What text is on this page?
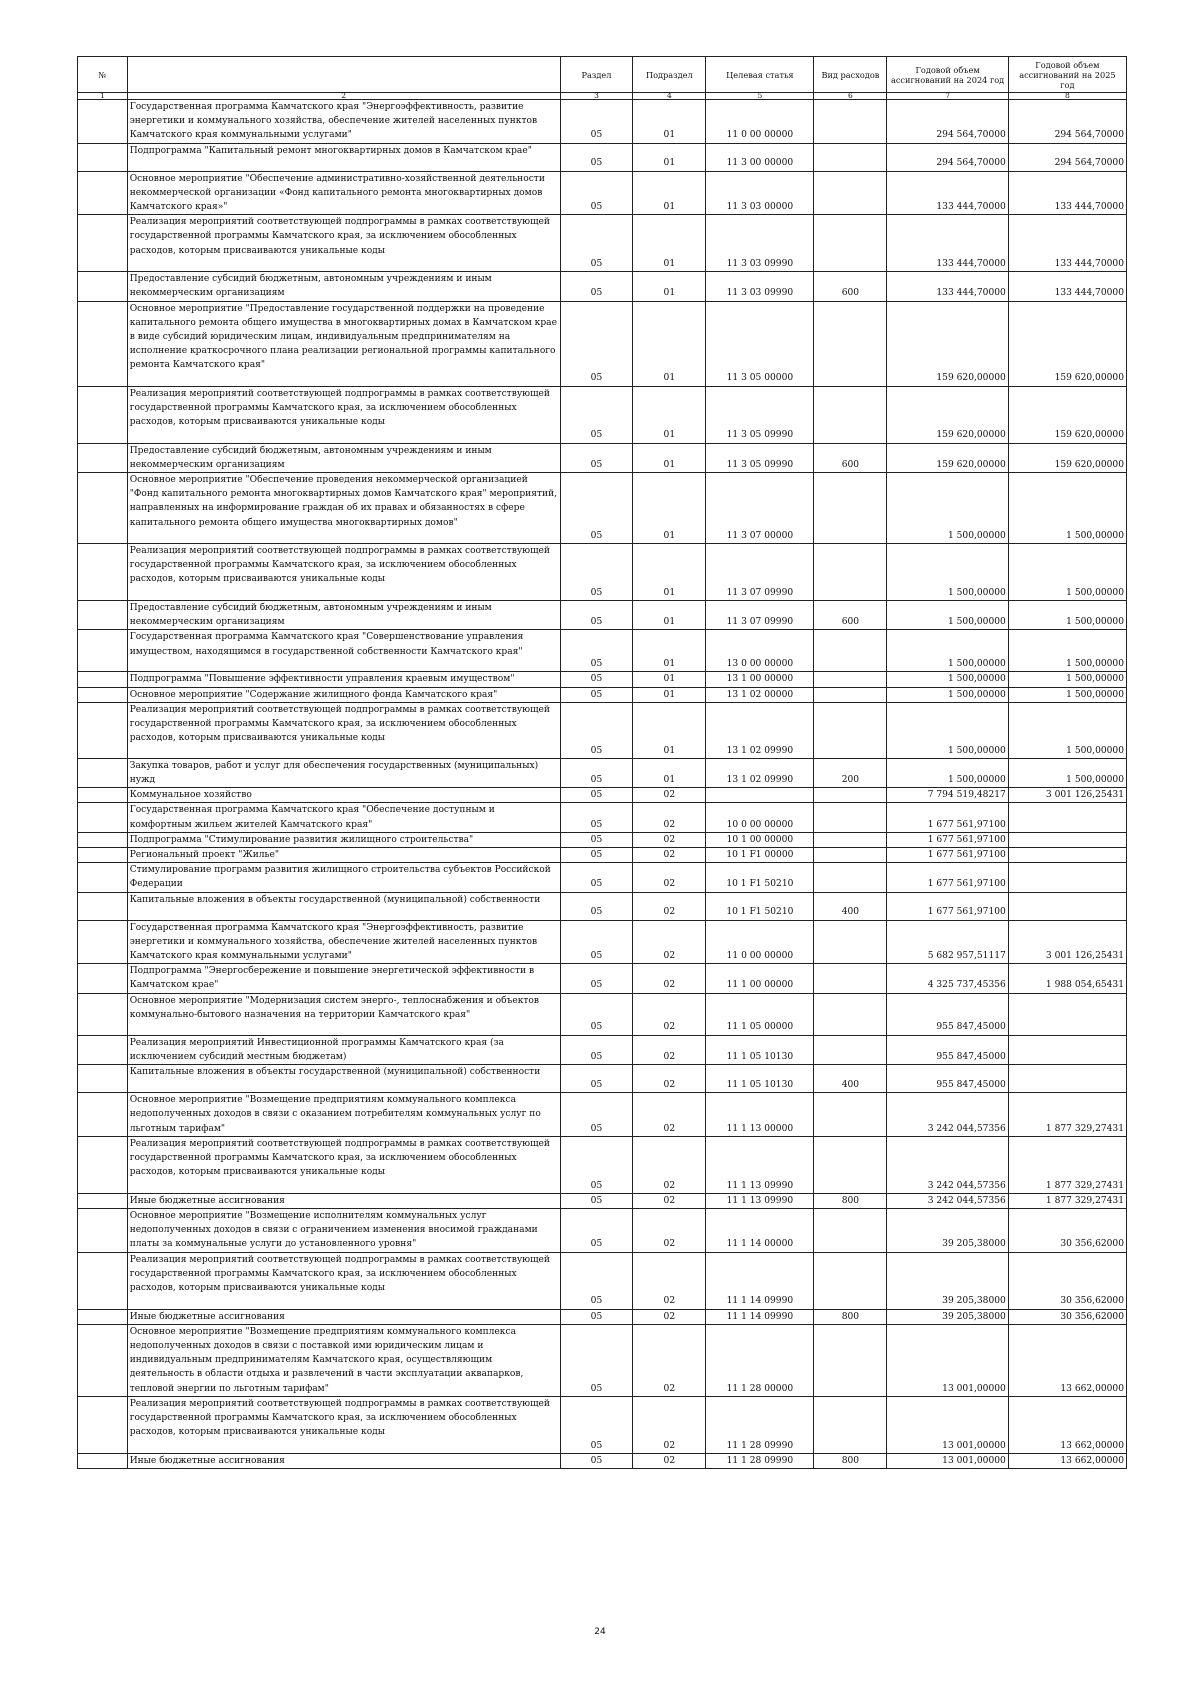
№		Раздел	Подраздел	Целевая статья	Вид расходов	Годовой объем ассигнований на 2024 год	Годовой объем ассигнований на 2025 год
1	2	3	4	5	6	7	8
	Государственная программа Камчатского края "Энергоэффективность, развитие энергетики и коммунального хозяйства, обеспечение жителей населенных пунктов Камчатского края коммунальными услугами"	05	01	11 0 00 00000		294 564,70000	294 564,70000
	Подпрограмма "Капитальный ремонт многоквартирных домов в Камчатском крае"	05	01	11 3 00 00000		294 564,70000	294 564,70000
	Основное мероприятие "Обеспечение административно-хозяйственной деятельности некоммерческой организации «Фонд капитального ремонта многоквартирных домов Камчатского края»"	05	01	11 3 03 00000		133 444,70000	133 444,70000
	Реализация мероприятий соответствующей подпрограммы в рамках соответствующей государственной программы Камчатского края, за исключением обособленных расходов, которым присваиваются уникальные коды	05	01	11 3 03 09990		133 444,70000	133 444,70000
	Предоставление субсидий бюджетным, автономным учреждениям и иным некоммерческим организациям	05	01	11 3 03 09990	600	133 444,70000	133 444,70000
	Основное мероприятие "Предоставление государственной поддержки на проведение капитального ремонта общего имущества в многоквартирных домах в Камчатском крае в виде субсидий юридическим лицам, индивидуальным предпринимателям на исполнение краткосрочного плана реализации региональной программы капитального ремонта Камчатского края"	05	01	11 3 05 00000		159 620,00000	159 620,00000
	Реализация мероприятий соответствующей подпрограммы в рамках соответствующей государственной программы Камчатского края, за исключением обособленных расходов, которым присваиваются уникальные коды	05	01	11 3 05 09990		159 620,00000	159 620,00000
	Предоставление субсидий бюджетным, автономным учреждениям и иным некоммерческим организациям	05	01	11 3 05 09990	600	159 620,00000	159 620,00000
	Основное мероприятие "Обеспечение проведения некоммерческой организацией "Фонд капитального ремонта многоквартирных домов Камчатского края" мероприятий, направленных на информирование граждан об их правах и обязанностях в сфере капитального ремонта общего имущества многоквартирных домов"	05	01	11 3 07 00000		1 500,00000	1 500,00000
	Реализация мероприятий соответствующей подпрограммы в рамках соответствующей государственной программы Камчатского края, за исключением обособленных расходов, которым присваиваются уникальные коды	05	01	11 3 07 09990		1 500,00000	1 500,00000
	Предоставление субсидий бюджетным, автономным учреждениям и иным некоммерческим организациям	05	01	11 3 07 09990	600	1 500,00000	1 500,00000
	Государственная программа Камчатского края "Совершенствование управления имуществом, находящимся в государственной собственности Камчатского края"	05	01	13 0 00 00000		1 500,00000	1 500,00000
	Подпрограмма "Повышение эффективности управления краевым имуществом"	05	01	13 1 00 00000		1 500,00000	1 500,00000
	Основное мероприятие "Содержание жилищного фонда Камчатского края"	05	01	13 1 02 00000		1 500,00000	1 500,00000
	Реализация мероприятий соответствующей подпрограммы в рамках соответствующей государственной программы Камчатского края, за исключением обособленных расходов, которым присваиваются уникальные коды	05	01	13 1 02 09990		1 500,00000	1 500,00000
	Закупка товаров, работ и услуг для обеспечения государственных (муниципальных) нужд	05	01	13 1 02 09990	200	1 500,00000	1 500,00000
	Коммунальное хозяйство	05	02			7 794 519,48217	3 001 126,25431
	Государственная программа Камчатского края "Обеспечение доступным и комфортным жильем жителей Камчатского края"	05	02	10 0 00 00000		1 677 561,97100	
	Подпрограмма "Стимулирование развития жилищного строительства"	05	02	10 1 00 00000		1 677 561,97100	
	Региональный проект "Жилье"	05	02	10 1 F1 00000		1 677 561,97100	
	Стимулирование программ развития жилищного строительства субъектов Российской Федерации	05	02	10 1 F1 50210		1 677 561,97100	
	Капитальные вложения в объекты государственной (муниципальной) собственности	05	02	10 1 F1 50210	400	1 677 561,97100	
	Государственная программа Камчатского края "Энергоэффективность, развитие энергетики и коммунального хозяйства, обеспечение жителей населенных пунктов Камчатского края коммунальными услугами"	05	02	11 0 00 00000		5 682 957,51117	3 001 126,25431
	Подпрограмма "Энергосбережение и повышение энергетической эффективности в Камчатском крае"	05	02	11 1 00 00000		4 325 737,45356	1 988 054,65431
	Основное мероприятие "Модернизация систем энерго-, теплоснабжения и объектов коммунально-бытового назначения на территории Камчатского края"	05	02	11 1 05 00000		955 847,45000	
	Реализация мероприятий Инвестиционной программы Камчатского края (за исключением субсидий местным бюджетам)	05	02	11 1 05 10130		955 847,45000	
	Капитальные вложения в объекты государственной (муниципальной) собственности	05	02	11 1 05 10130	400	955 847,45000	
	Основное мероприятие "Возмещение предприятиям коммунального комплекса недополученных доходов в связи с оказанием потребителям коммунальных услуг по льготным тарифам"	05	02	11 1 13 00000		3 242 044,57356	1 877 329,27431
	Реализация мероприятий соответствующей подпрограммы в рамках соответствующей государственной программы Камчатского края, за исключением обособленных расходов, которым присваиваются уникальные коды	05	02	11 1 13 09990		3 242 044,57356	1 877 329,27431
	Иные бюджетные ассигнования	05	02	11 1 13 09990	800	3 242 044,57356	1 877 329,27431
	Основное мероприятие "Возмещение исполнителям коммунальных услуг недополученных доходов в связи с ограничением изменения вносимой гражданами платы за коммунальные услуги до установленного уровня"	05	02	11 1 14 00000		39 205,38000	30 356,62000
	Реализация мероприятий соответствующей подпрограммы в рамках соответствующей государственной программы Камчатского края, за исключением обособленных расходов, которым присваиваются уникальные коды	05	02	11 1 14 09990		39 205,38000	30 356,62000
	Иные бюджетные ассигнования	05	02	11 1 14 09990	800	39 205,38000	30 356,62000
	Основное мероприятие "Возмещение предприятиям коммунального комплекса недополученных доходов в связи с поставкой ими юридическим лицам и индивидуальным предпринимателям Камчатского края, осуществляющим деятельность в области отдыха и развлечений в части эксплуатации аквапарков, тепловой энергии по льготным тарифам"	05	02	11 1 28 00000		13 001,00000	13 662,00000
	Реализация мероприятий соответствующей подпрограммы в рамках соответствующей государственной программы Камчатского края, за исключением обособленных расходов, которым присваиваются уникальные коды	05	02	11 1 28 09990		13 001,00000	13 662,00000
	Иные бюджетные ассигнования	05	02	11 1 28 09990	800	13 001,00000	13 662,00000
24
